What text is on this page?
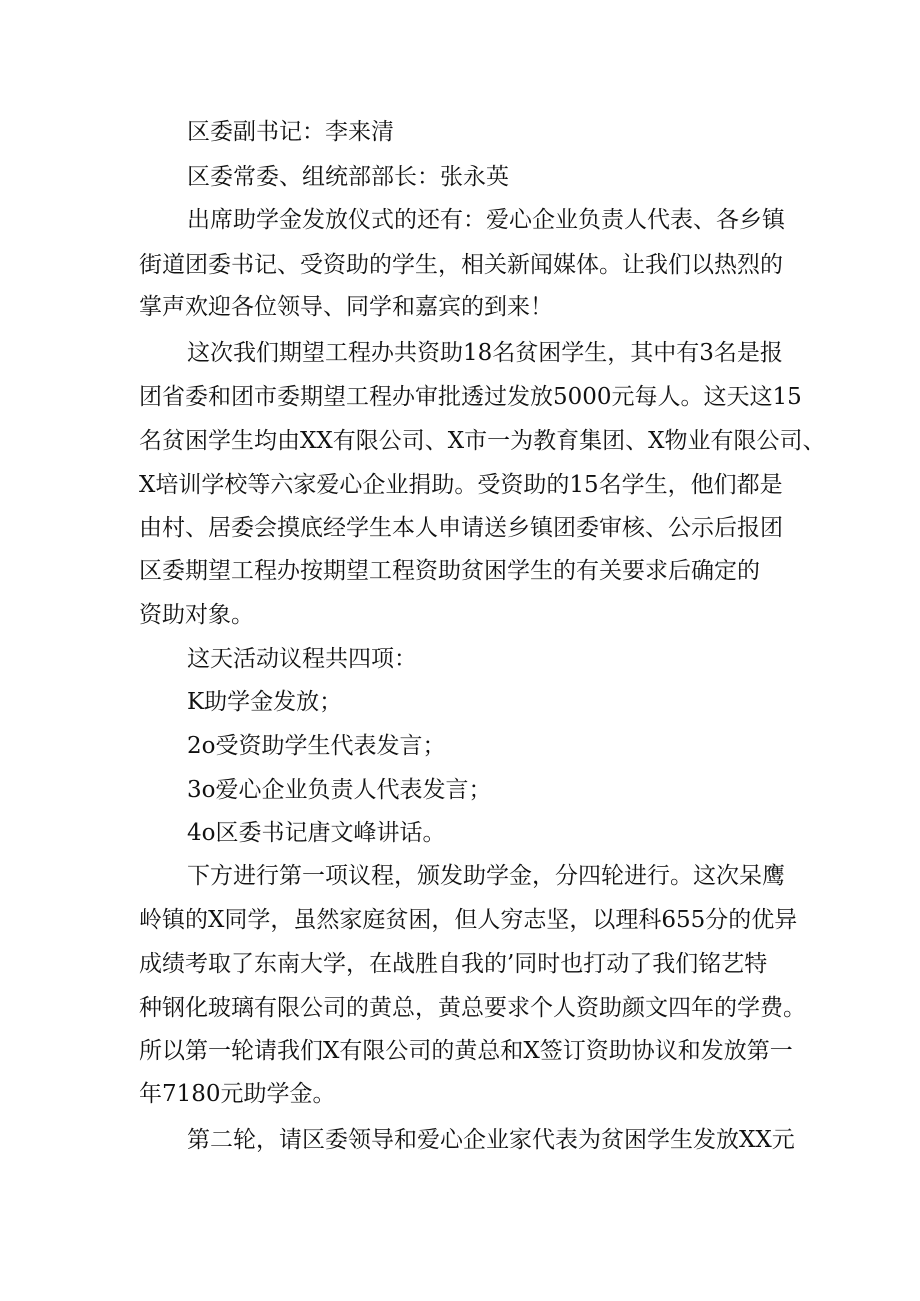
区委副书记：李来清

区委常委、组统部部长：张永英

出席助学金发放仪式的还有：爱心企业负责人代表、各乡镇

街道团委书记、受资助的学生，相关新闻媒体。让我们以热烈的

掌声欢迎各位领导、同学和嘉宾的到来！

这次我们期望工程办共资助18名贫困学生，其中有3名是报

团省委和团市委期望工程办审批透过发放5000元每人。这天这15

名贫困学生均由XX有限公司、X市一为教育集团、X物业有限公司、

X培训学校等六家爱心企业捐助。受资助的15名学生，他们都是

由村、居委会摸底经学生本人申请送乡镇团委审核、公示后报团

区委期望工程办按期望工程资助贫困学生的有关要求后确定的

资助对象。

这天活动议程共四项：

K助学金发放；

2o受资助学生代表发言；

3o爱心企业负责人代表发言；

4o区委书记唐文峰讲话。

下方进行第一项议程，颁发助学金，分四轮进行。这次呆鹰

岭镇的X同学，虽然家庭贫困，但人穷志坚，以理科655分的优异

成绩考取了东南大学，在战胜自我的’同时也打动了我们铭艺特

种钢化玻璃有限公司的黄总，黄总要求个人资助颜文四年的学费。

所以第一轮请我们X有限公司的黄总和X签订资助协议和发放第一

年7180元助学金。

第二轮，请区委领导和爱心企业家代表为贫困学生发放XX元
